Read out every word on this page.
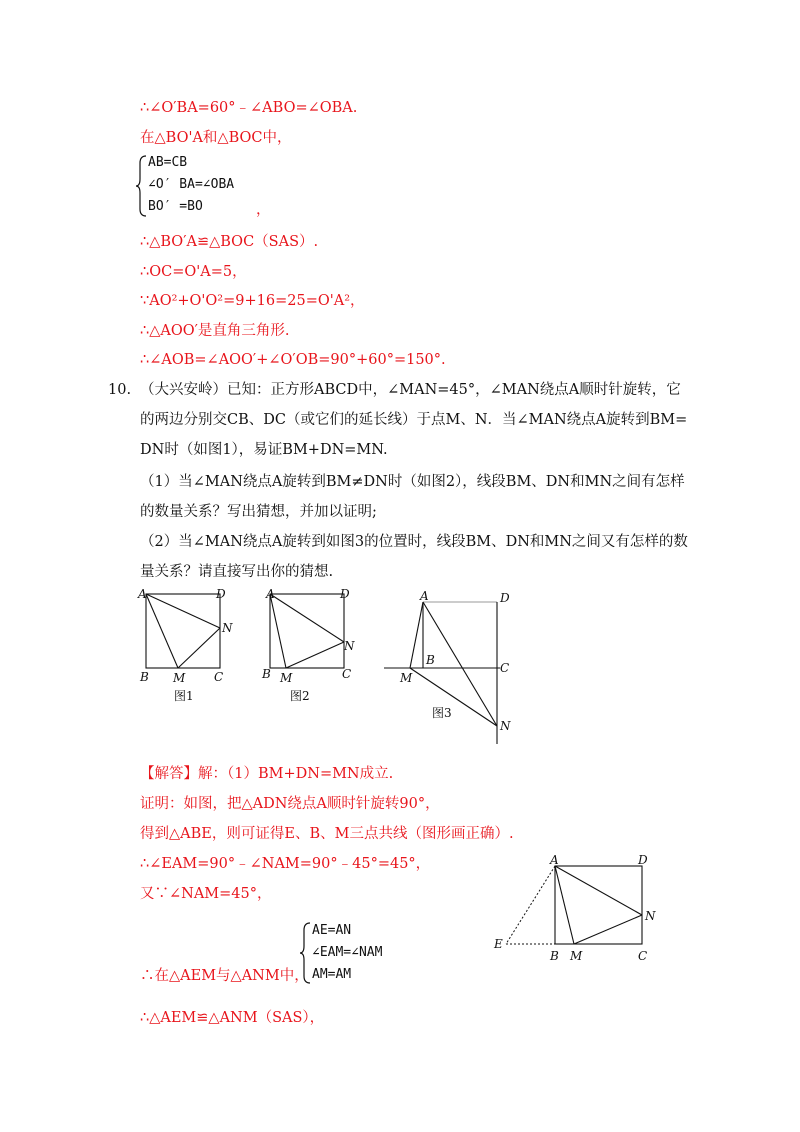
∴∠O′BA=60°﹣∠ABO=∠OBA.
在△BO'A和△BOC中，
AB=CB
∠O′ BA=∠OBA
BO′ =BO	，
∴△BO′A≌△BOC（SAS）.
∴OC=O'A=5，
∵AO²+O'O²=9+16=25=O'A²，
∴△AOO′是直角三角形.
∴∠AOB=∠AOO′+∠O′OB=90°+60°=150°.
10. （大兴安岭）已知：正方形ABCD中，∠MAN=45°，∠MAN绕点A顺时针旋转，它
的两边分别交CB、DC（或它们的延长线）于点M、N．当∠MAN绕点A旋转到BM=
DN时（如图1），易证BM+DN=MN.
（1）当∠MAN绕点A旋转到BM≠DN时（如图2），线段BM、DN和MN之间有怎样
的数量关系？写出猜想，并加以证明;
（2）当∠MAN绕点A旋转到如图3的位置时，线段BM、DN和MN之间又有怎样的数
量关系？请直接写出你的猜想.
A	D
N
B M C
图1
A	D
N
B M	C
图2
A	D
B
C
M
N
图3
【解答】解：（1）BM+DN=MN成立.
证明：如图，把△ADN绕点A顺时针旋转90°，
得到△ABE，则可证得E、B、M三点共线（图形画正确）.
∴∠EAM=90°﹣∠NAM=90°﹣45°=45°，
又∵∠NAM=45°，
AE=AN
∠EAM=∠NAM
AM=AM
∴在△AEM与△ANM中，
∴△AEM≌△ANM（SAS），
A	D
N
E
B M	C
